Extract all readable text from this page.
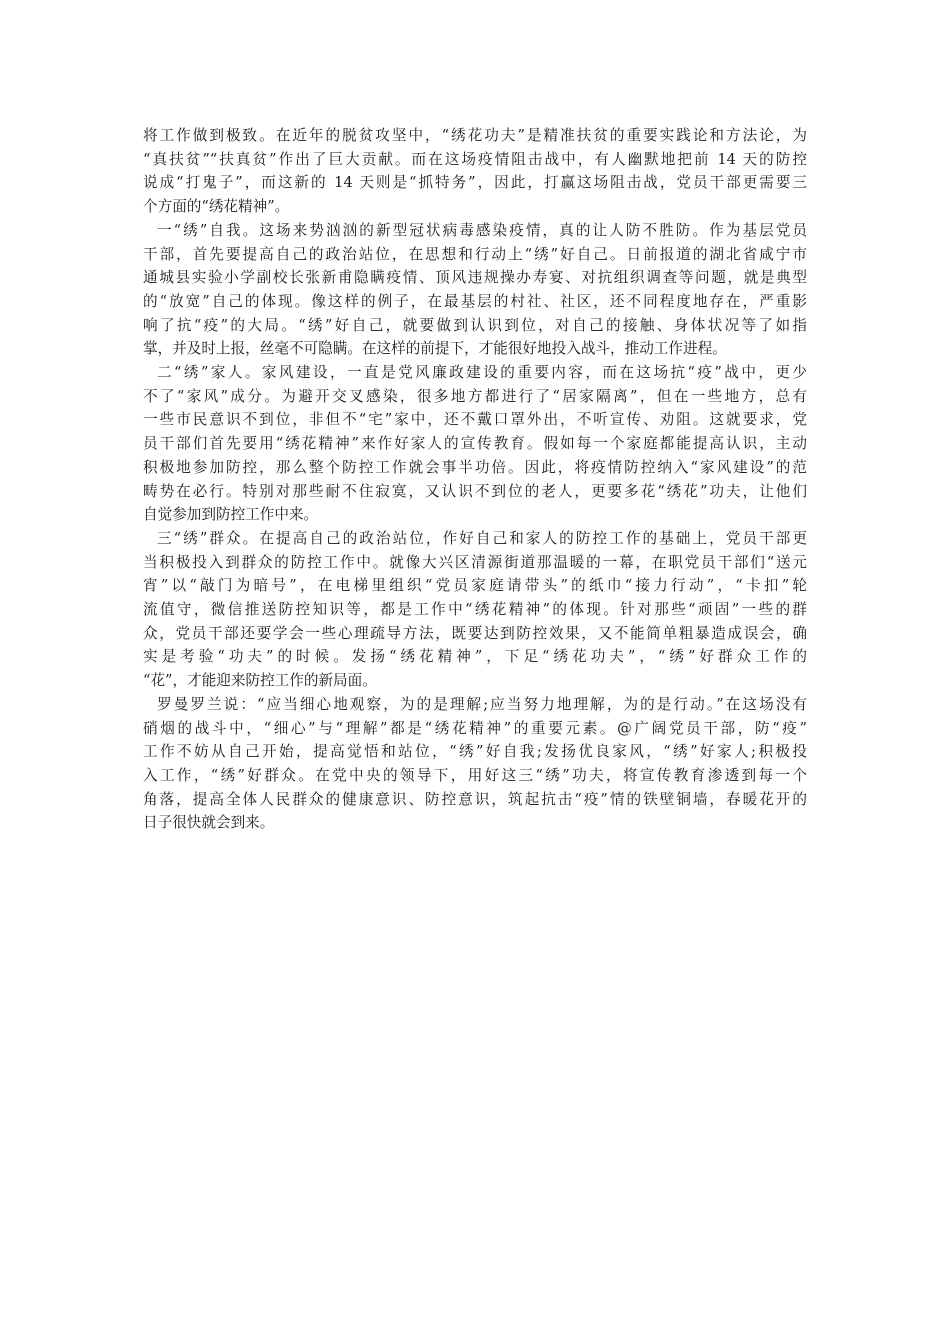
将工作做到极致。在近年的脱贫攻坚中，“绣花功夫”是精准扶贫的重要实践论和方法论，为
“真扶贫”“扶真贫”作出了巨大贡献。而在这场疫情阻击战中，有人幽默地把前 14 天的防控
说成“打鬼子”，而这新的 14 天则是“抓特务”，因此，打赢这场阻击战，党员干部更需要三
个方面的“绣花精神”。

一“绣”自我。这场来势汹汹的新型冠状病毒感染疫情，真的让人防不胜防。作为基层党员
干部，首先要提高自己的政治站位，在思想和行动上“绣”好自己。日前报道的湖北省咸宁市
通城县实验小学副校长张新甫隐瞒疫情、顶风违规操办寿宴、对抗组织调查等问题，就是典型
的“放宽”自己的体现。像这样的例子，在最基层的村社、社区，还不同程度地存在，严重影
响了抗“疫”的大局。“绣”好自己，就要做到认识到位，对自己的接触、身体状况等了如指
掌，并及时上报，丝毫不可隐瞒。在这样的前提下，才能很好地投入战斗，推动工作进程。

二“绣”家人。家风建设，一直是党风廉政建设的重要内容，而在这场抗“疫”战中，更少
不了“家风”成分。为避开交叉感染，很多地方都进行了“居家隔离”，但在一些地方，总有
一些市民意识不到位，非但不“宅”家中，还不戴口罩外出，不听宣传、劝阻。这就要求，党
员干部们首先要用“绣花精神”来作好家人的宣传教育。假如每一个家庭都能提高认识，主动
积极地参加防控，那么整个防控工作就会事半功倍。因此，将疫情防控纳入“家风建设”的范
畴势在必行。特别对那些耐不住寂寞，又认识不到位的老人，更要多花“绣花”功夫，让他们
自觉参加到防控工作中来。

三“绣”群众。在提高自己的政治站位，作好自己和家人的防控工作的基础上，党员干部更
当积极投入到群众的防控工作中。就像大兴区清源街道那温暖的一幕，在职党员干部们“送元
宵”以“敲门为暗号”，在电梯里组织“党员家庭请带头”的纸巾“接力行动”，“卡扣”轮
流值守，微信推送防控知识等，都是工作中“绣花精神”的体现。针对那些“顽固”一些的群
众，党员干部还要学会一些心理疏导方法，既要达到防控效果，又不能简单粗暴造成误会，确
实是考验“功夫”的时候。发扬“绣花精神”，下足“绣花功夫”，“绣”好群众工作的
“花”，才能迎来防控工作的新局面。

罗曼罗兰说：“应当细心地观察，为的是理解;应当努力地理解，为的是行动。”在这场没有
硝烟的战斗中，“细心”与“理解”都是“绣花精神”的重要元素。@广阔党员干部，防“疫”
工作不妨从自己开始，提高觉悟和站位，“绣”好自我;发扬优良家风，“绣”好家人;积极投
入工作，“绣”好群众。在党中央的领导下，用好这三“绣”功夫，将宣传教育渗透到每一个
角落，提高全体人民群众的健康意识、防控意识，筑起抗击“疫”情的铁壁铜墙，春暖花开的
日子很快就会到来。
